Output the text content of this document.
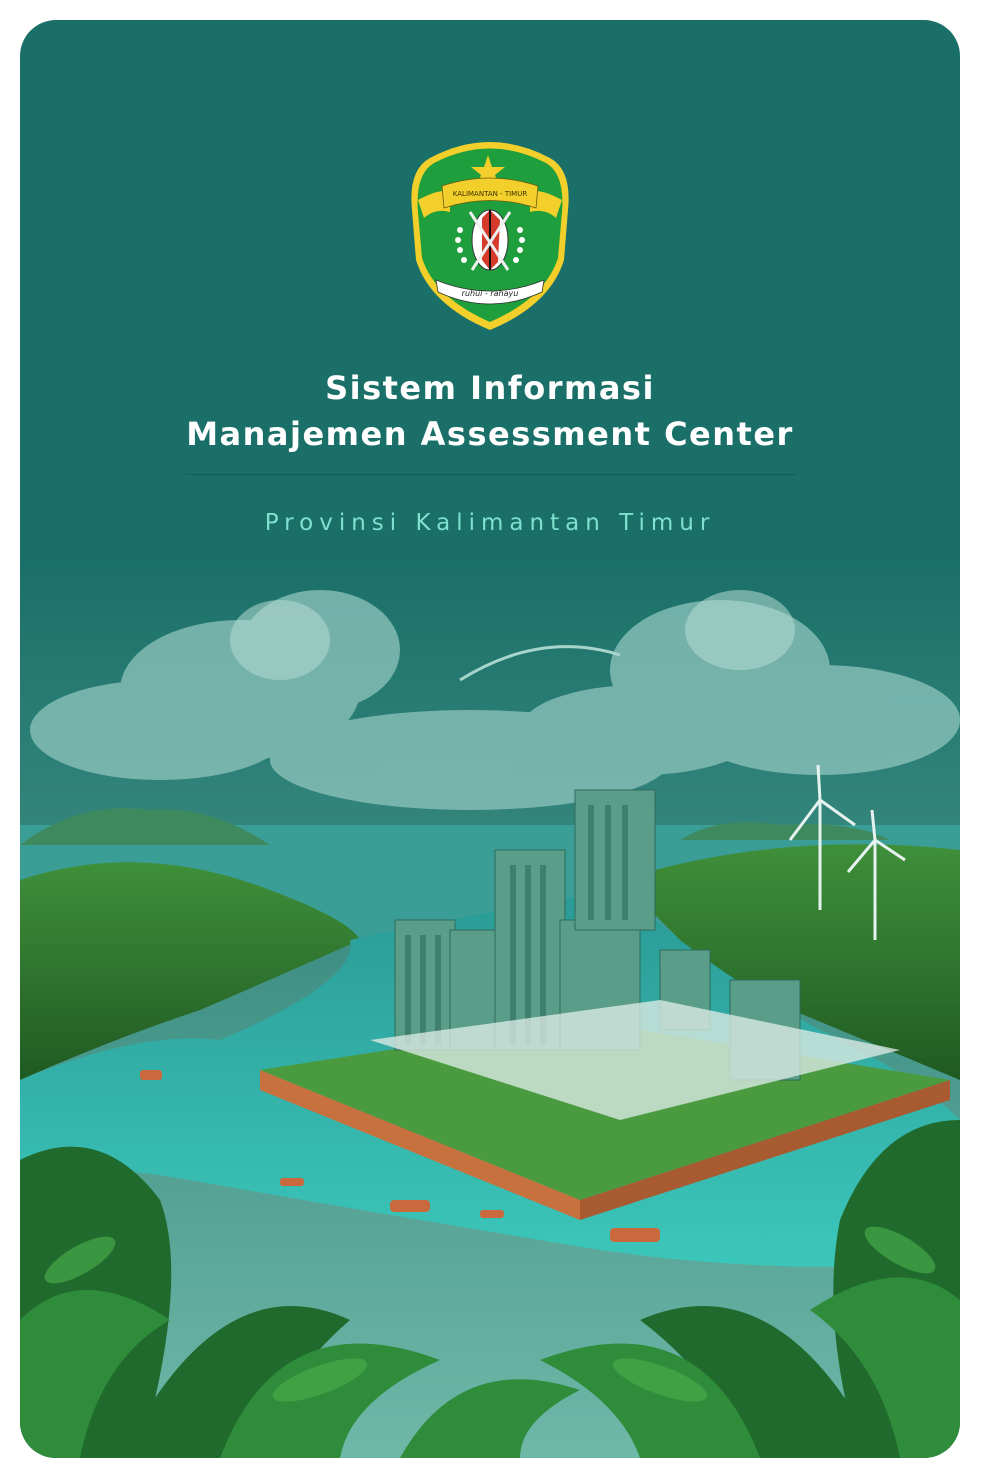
KALIMANTAN - TIMUR
ruhui - rahayu
Sistem Informasi
Manajemen Assessment Center
Provinsi Kalimantan Timur
